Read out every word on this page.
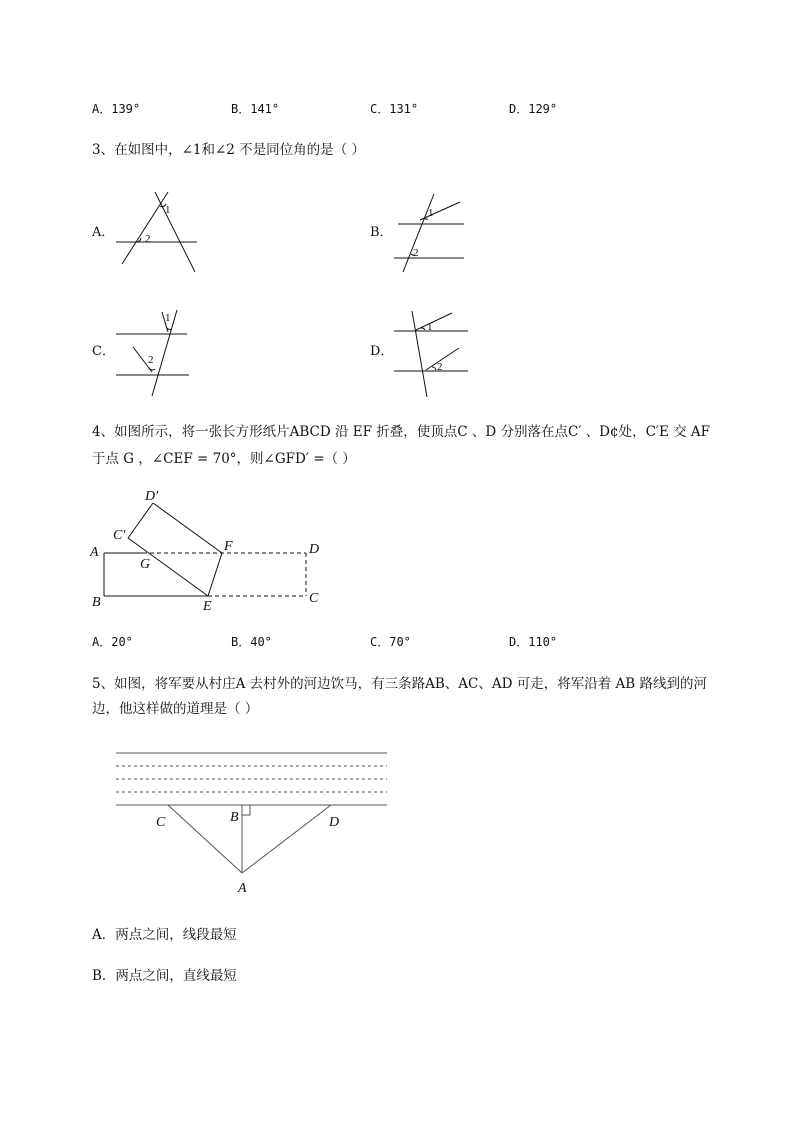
A．139°	B．141°	C．131°	D．129°
3、在如图中，∠1和∠2 不是同位角的是（ ）
A．	B．
C．	D．
1
2
1
2
1
2
1
2
4、如图所示，将一张长方形纸片ABCD 沿 EF 折叠，使顶点C 、D 分别落在点C′ 、D¢处，C′E 交 AF
于点 G ，∠CEF = 70°，则∠GFD′ =（ ）
A
B	C
D
E
F
G
C′
D′
A．20°	B．40°	C．70°	D．110°
5、如图，将军要从村庄A 去村外的河边饮马，有三条路AB、AC、AD 可走，将军沿着 AB 路线到的河
边，他这样做的道理是（ ）
A
B
C	D
A．两点之间，线段最短
B．两点之间，直线最短
